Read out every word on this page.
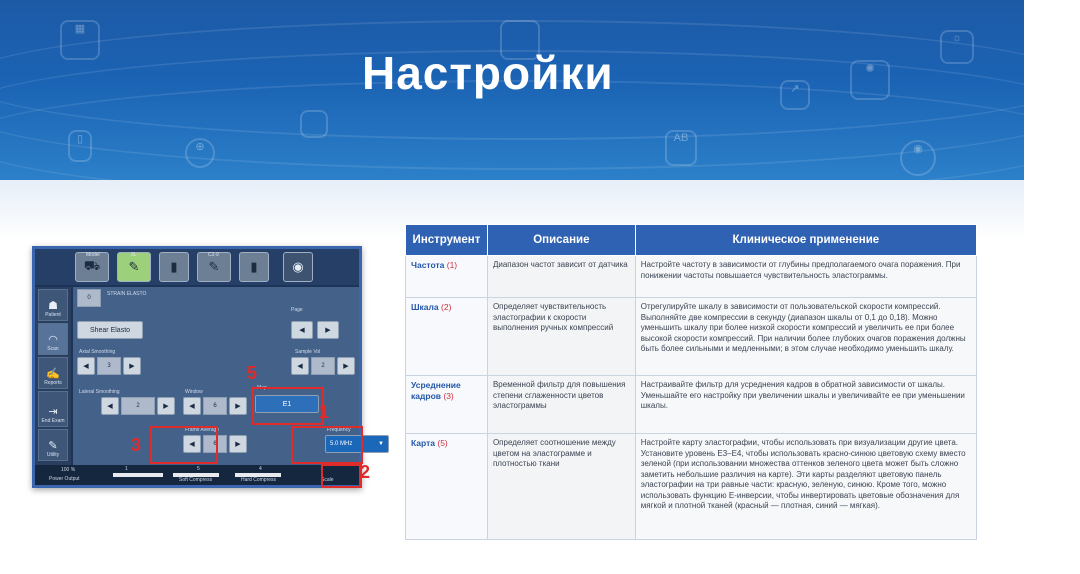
▦
▯
⊕
AB
↗
✺
◉
☼
Настройки
Model
⛟
3L
✎ ▮
C2-9
✎ ▮	◉
☗
Patient
◠
Scan
✍
Reports
⇥
End Exam
✎
Utility
0
STRAIN ELASTO
Shear Elasto
Page
◀	▶
Axial Smoothing
◀	3	▶
Sample Vol
◀	2	▶
Lateral Smoothing
◀	2	▶
Window
◀	6	▶
Map
E1
Frame Average
◀	6	▶
Frequency
5.0 MHz	▼
100 %
Power Output
1	5
Soft Compress
4
Hard Compress	Scale
5
1
3
2
Инструмент	Описание	Клиническое применение
Частота (1)	Диапазон частот зависит от датчика	Настройте частоту в зависимости от глубины предполагаемого очага поражения. При понижении частоты повышается чувствительность эластограммы.
Шкала (2)	Определяет чувствительность эластографии к скорости выполнения ручных компрессий	Отрегулируйте шкалу в зависимости от пользовательской скорости компрессий. Выполняйте две компрессии в секунду (диапазон шкалы от 0,1 до 0,18). Можно уменьшить шкалу при более низкой скорости компрессий и увеличить ее при более высокой скорости компрессий. При наличии более глубоких очагов поражения должны быть более сильными и медленными; в этом случае необходимо уменьшить шкалу.
Усреднение кадров (3)	Временной фильтр для повышения степени сглаженности цветов эластограммы	Настраивайте фильтр для усреднения кадров в обратной зависимости от шкалы. Уменьшайте его настройку при увеличении шкалы и увеличивайте ее при уменьшении шкалы.
Карта (5)	Определяет соотношение между цветом на эластограмме и плотностью ткани	Настройте карту эластографии, чтобы использовать при визуализации другие цвета. Установите уровень E3–E4, чтобы использовать красно-синюю цветовую схему вместо зеленой (при использовании множества оттенков зеленого цвета может быть сложно заметить небольшие различия на карте). Эти карты разделяют цветовую панель эластографии на три равные части: красную, зеленую, синюю. Кроме того, можно использовать функцию E-инверсии, чтобы инвертировать цветовые обозначения для мягкой и плотной тканей (красный — плотная, синий — мягкая).
